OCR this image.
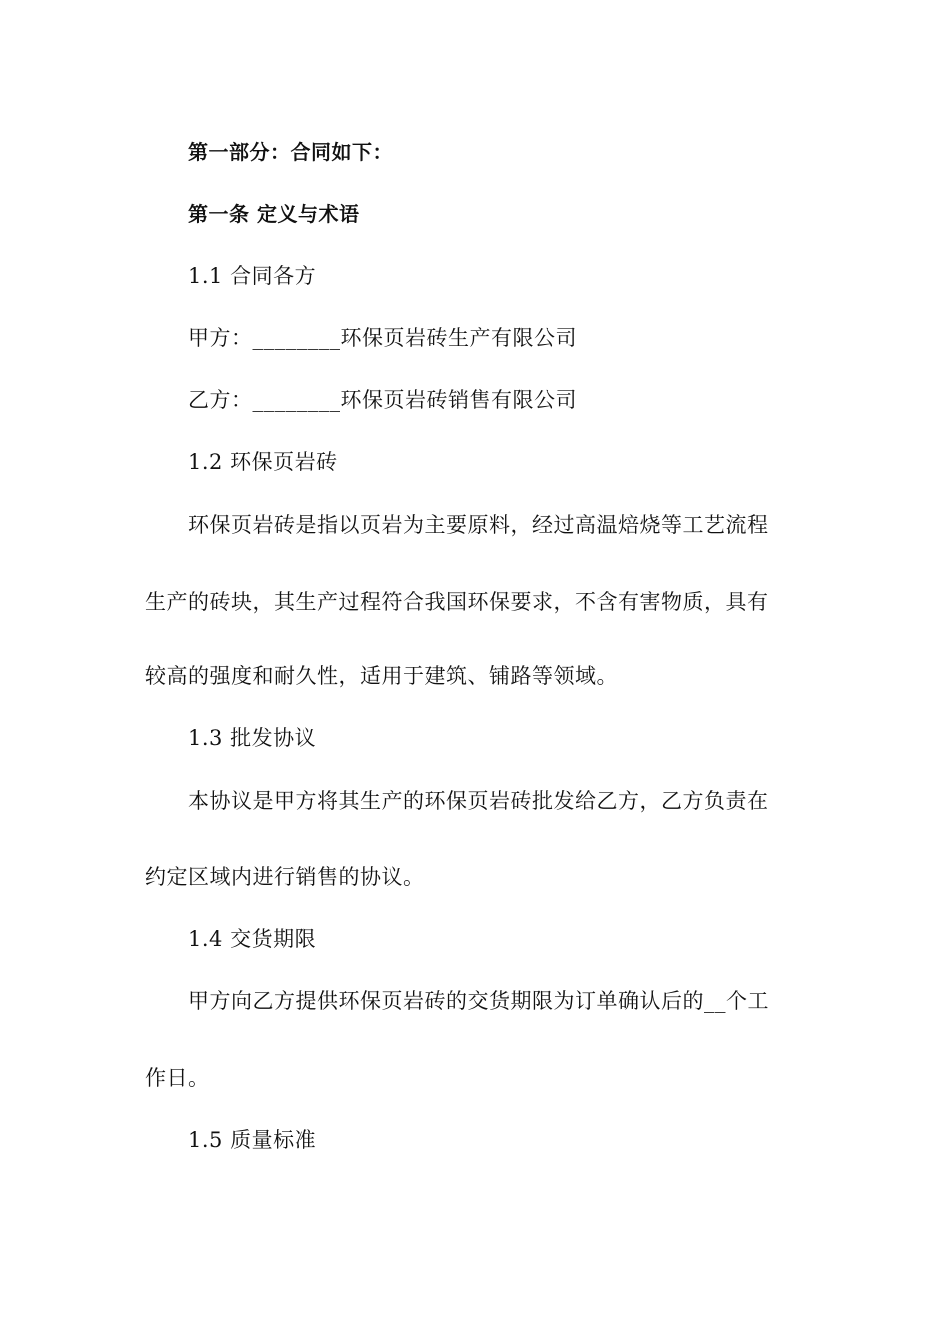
第一部分：合同如下：
第一条 定义与术语
1.1 合同各方
甲方：________环保页岩砖生产有限公司
乙方：________环保页岩砖销售有限公司
1.2 环保页岩砖
环保页岩砖是指以页岩为主要原料，经过高温焙烧等工艺流程
生产的砖块，其生产过程符合我国环保要求，不含有害物质，具有
较高的强度和耐久性，适用于建筑、铺路等领域。
1.3 批发协议
本协议是甲方将其生产的环保页岩砖批发给乙方，乙方负责在
约定区域内进行销售的协议。
1.4 交货期限
甲方向乙方提供环保页岩砖的交货期限为订单确认后的__个工
作日。
1.5 质量标准
